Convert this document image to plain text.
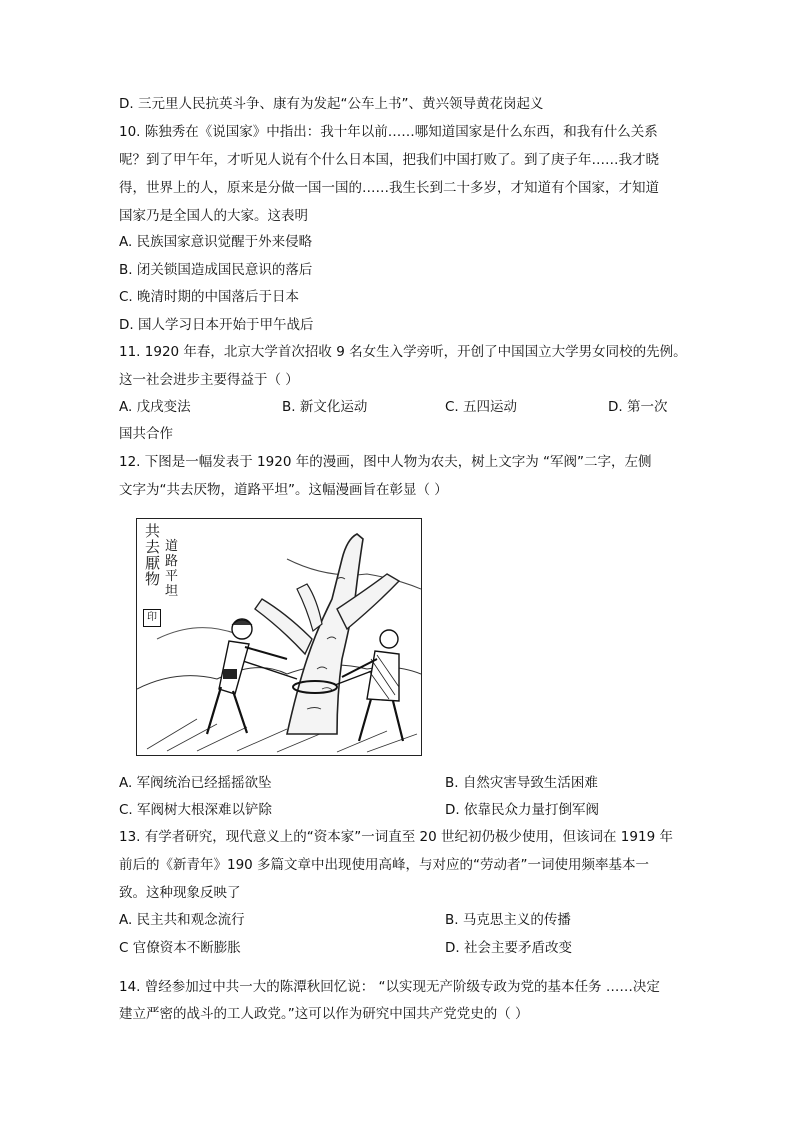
D. 三元里人民抗英斗争、康有为发起“公车上书”、黄兴领导黄花岗起义
10. 陈独秀在《说国家》中指出：我十年以前……哪知道国家是什么东西，和我有什么关系
呢？到了甲午年，才听见人说有个什么日本国，把我们中国打败了。到了庚子年……我才晓
得，世界上的人，原来是分做一国一国的……我生长到二十多岁，才知道有个国家，才知道
国家乃是全国人的大家。这表明
A. 民族国家意识觉醒于外来侵略
B. 闭关锁国造成国民意识的落后
C. 晚清时期的中国落后于日本
D. 国人学习日本开始于甲午战后
11. 1920 年春，北京大学首次招收 9 名女生入学旁听，开创了中国国立大学男女同校的先例。
这一社会进步主要得益于（ ）
A. 戊戌变法	B. 新文化运动	C. 五四运动	D. 第一次
国共合作
12. 下图是一幅发表于 1920 年的漫画，图中人物为农夫，树上文字为 “军阀”二字，左侧
文字为“共去厌物，道路平坦”。这幅漫画旨在彰显（ ）
共去厭物
道路平坦
印
A. 军阀统治已经摇摇欲坠	B. 自然灾害导致生活困难
C. 军阀树大根深难以铲除	D. 依靠民众力量打倒军阀
13. 有学者研究，现代意义上的“资本家”一词直至 20 世纪初仍极少使用，但该词在 1919 年
前后的《新青年》190 多篇文章中出现使用高峰，与对应的“劳动者”一词使用频率基本一
致。这种现象反映了
A. 民主共和观念流行	B. 马克思主义的传播
C 官僚资本不断膨胀	D. 社会主要矛盾改变
14. 曾经参加过中共一大的陈潭秋回忆说： “以实现无产阶级专政为党的基本任务 ……决定
建立严密的战斗的工人政党。”这可以作为研究中国共产党党史的（ ）
